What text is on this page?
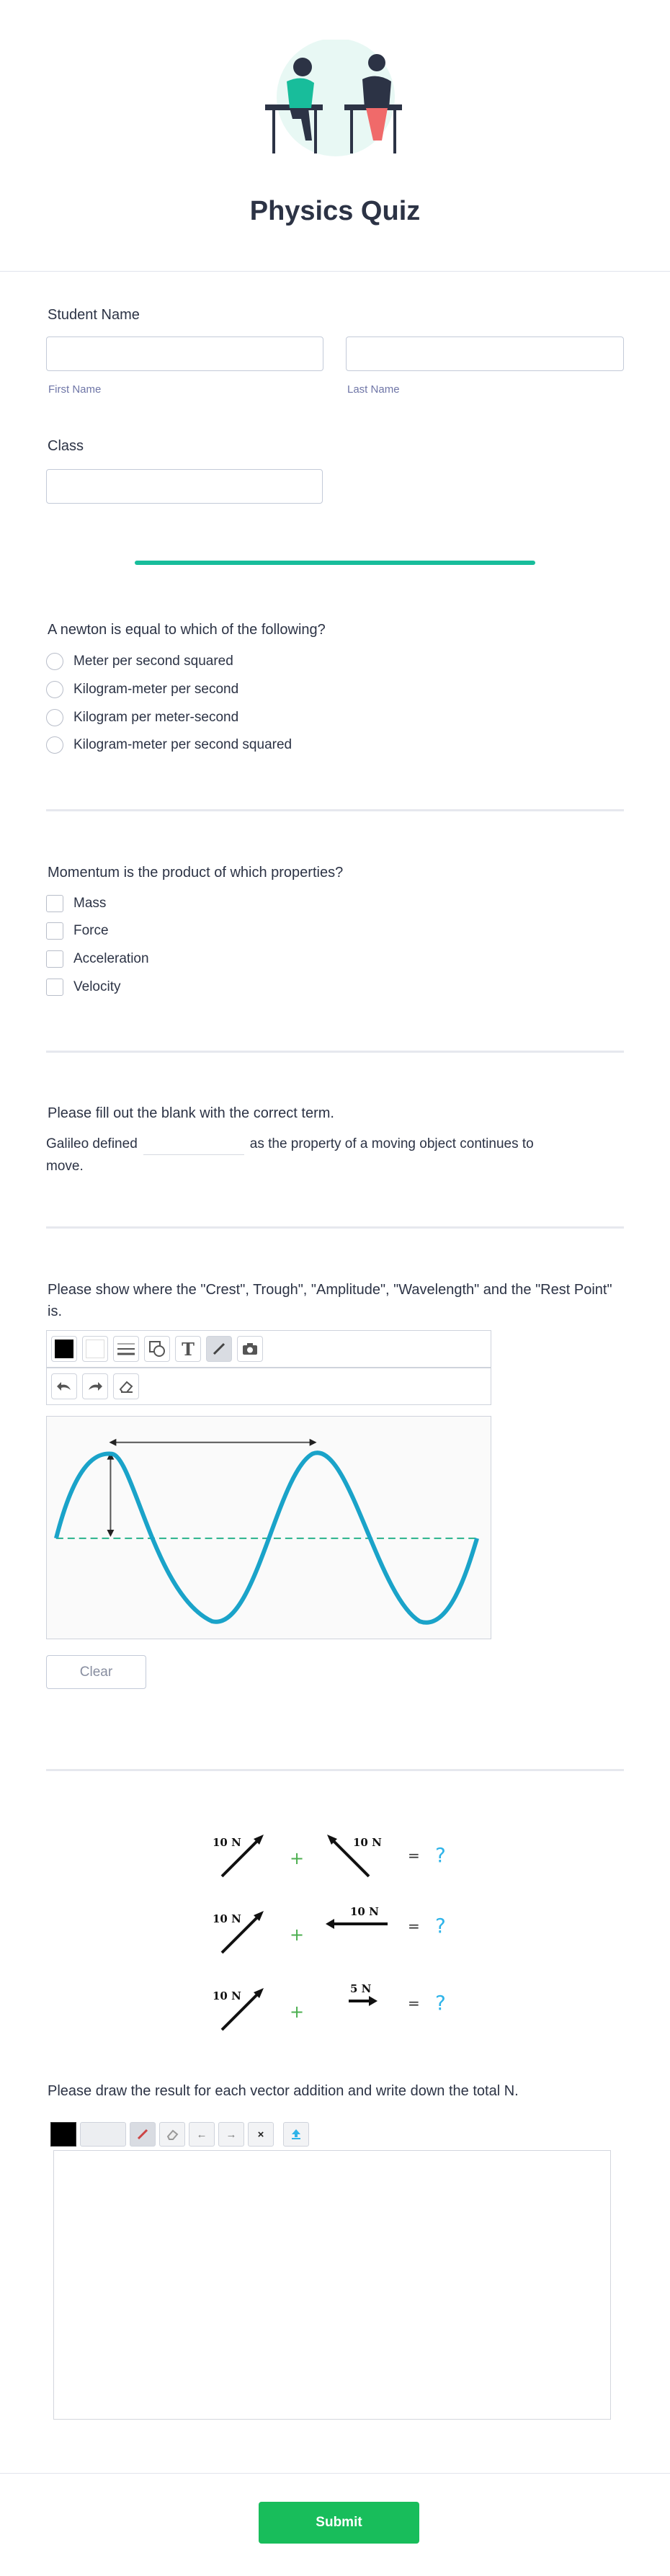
Physics Quiz
Student Name
First Name	Last Name
Class
A newton is equal to which of the following?
Meter per second squared
Kilogram-meter per second
Kilogram per meter-second
Kilogram-meter per second squared
Momentum is the product of which properties?
Mass
Force
Acceleration
Velocity
Please fill out the blank with the correct term.
Galileo defined	as the property of a moving object continues to move.
Please show where the "Crest", Trough", "Amplitude", "Wavelength" and the "Rest Point" is.
T
Clear
10 N
+
10 N
= ?
10 N
+
10 N
= ?
10 N
+
5 N
= ?
Please draw the result for each vector addition and write down the total N.
←	→	×
Submit
